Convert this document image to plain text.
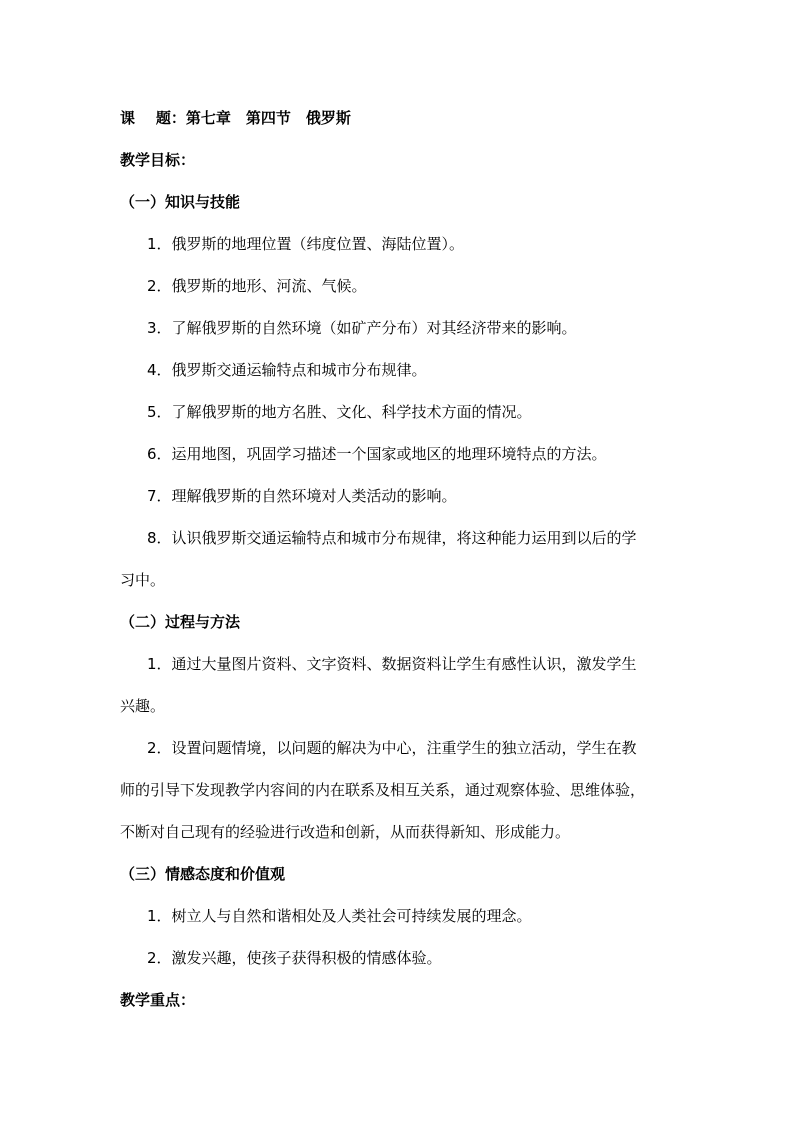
课    题：第七章　第四节　俄罗斯
教学目标：
（一）知识与技能
1．俄罗斯的地理位置（纬度位置、海陆位置）。
2．俄罗斯的地形、河流、气候。
3．了解俄罗斯的自然环境（如矿产分布）对其经济带来的影响。
4．俄罗斯交通运输特点和城市分布规律。
5．了解俄罗斯的地方名胜、文化、科学技术方面的情况。
6．运用地图，巩固学习描述一个国家或地区的地理环境特点的方法。
7．理解俄罗斯的自然环境对人类活动的影响。
8．认识俄罗斯交通运输特点和城市分布规律，将这种能力运用到以后的学
习中。
（二）过程与方法
1．通过大量图片资料、文字资料、数据资料让学生有感性认识，激发学生
兴趣。
2．设置问题情境，以问题的解决为中心，注重学生的独立活动，学生在教
师的引导下发现教学内容间的内在联系及相互关系，通过观察体验、思维体验，
不断对自己现有的经验进行改造和创新，从而获得新知、形成能力。
（三）情感态度和价值观
1．树立人与自然和谐相处及人类社会可持续发展的理念。
2．激发兴趣，使孩子获得积极的情感体验。
教学重点：
